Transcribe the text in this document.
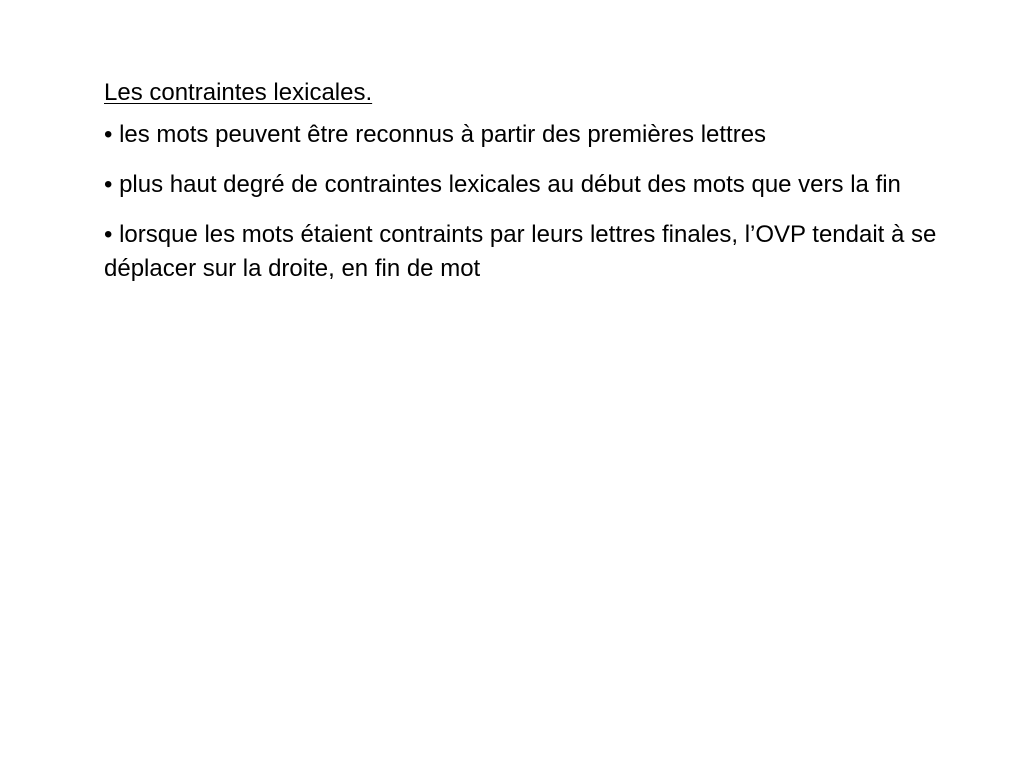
Les contraintes lexicales.
• les mots peuvent être reconnus à partir des premières lettres
• plus haut degré de contraintes lexicales au début des mots que vers la fin
• lorsque les mots étaient contraints par leurs lettres finales, l’OVP tendait à se déplacer sur la droite, en fin de mot
